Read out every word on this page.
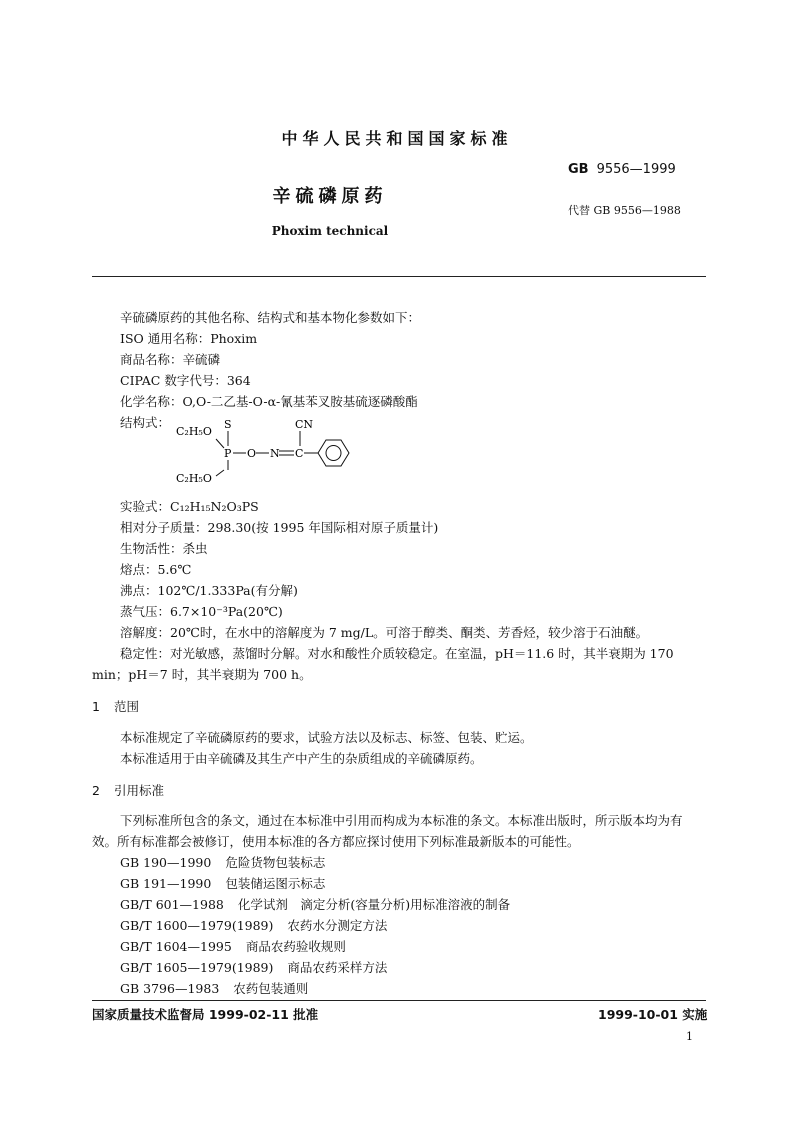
中华人民共和国国家标准
GB 9556—1999
辛硫磷原药
代替 GB 9556—1988
Phoxim technical
辛硫磷原药的其他名称、结构式和基本物化参数如下：
ISO 通用名称：Phoxim
商品名称：辛硫磷
CIPAC 数字代号：364
化学名称：O,O-二乙基-O-α-氰基苯叉胺基硫逐磷酸酯
结构式：
C₂H₅O
S
P O N C
CN
C₂H₅O
实验式：C₁₂H₁₅N₂O₃PS
相对分子质量：298.30(按 1995 年国际相对原子质量计)
生物活性：杀虫
熔点：5.6℃
沸点：102℃/1.333Pa(有分解)
蒸气压：6.7×10⁻³Pa(20℃)
溶解度：20℃时，在水中的溶解度为 7 mg/L。可溶于醇类、酮类、芳香烃，较少溶于石油醚。
稳定性：对光敏感，蒸馏时分解。对水和酸性介质较稳定。在室温，pH＝11.6 时，其半衰期为 170 min；pH＝7 时，其半衰期为 700 h。
1 范围
本标准规定了辛硫磷原药的要求，试验方法以及标志、标签、包装、贮运。
本标准适用于由辛硫磷及其生产中产生的杂质组成的辛硫磷原药。
2 引用标准
下列标准所包含的条文，通过在本标准中引用而构成为本标准的条文。本标准出版时，所示版本均为有效。所有标准都会被修订，使用本标准的各方都应探讨使用下列标准最新版本的可能性。
GB 190—1990 危险货物包装标志
GB 191—1990 包装储运图示标志
GB/T 601—1988 化学试剂　滴定分析(容量分析)用标准溶液的制备
GB/T 1600—1979(1989) 农药水分测定方法
GB/T 1604—1995 商品农药验收规则
GB/T 1605—1979(1989) 商品农药采样方法
GB 3796—1983 农药包装通则
国家质量技术监督局 1999-02-11 批准	1999-10-01 实施
1
